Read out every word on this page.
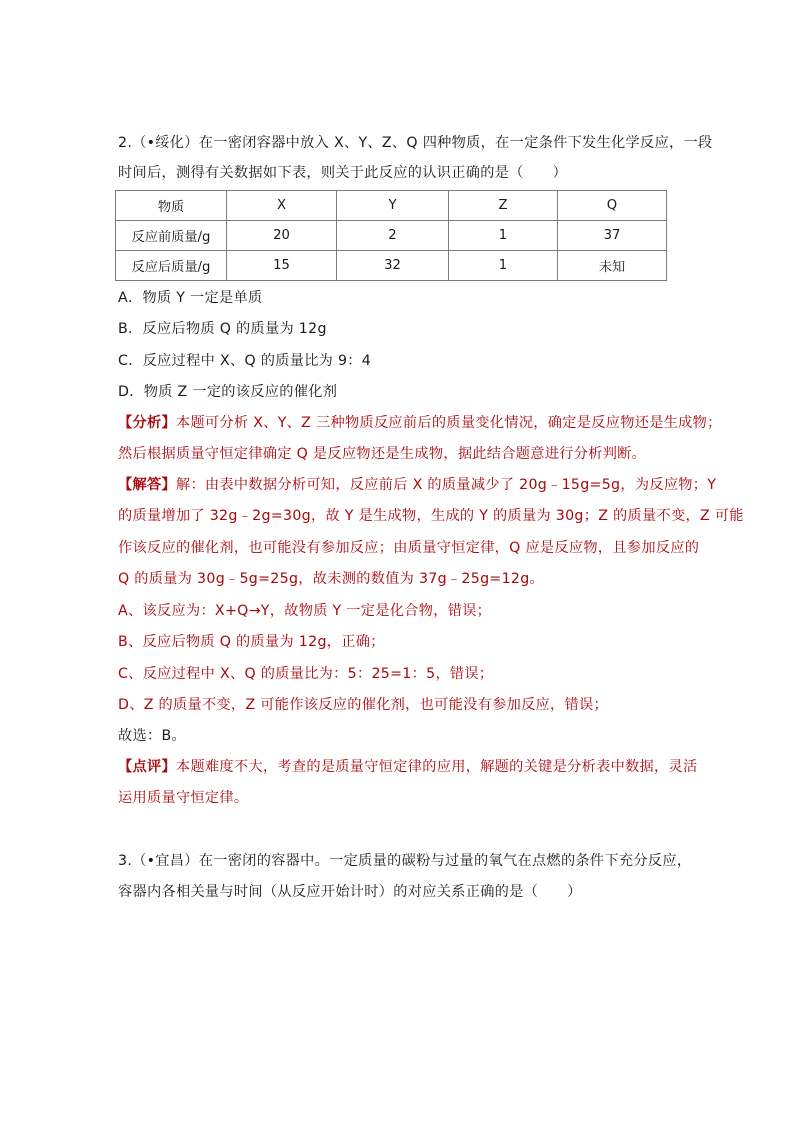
2.（•绥化）在一密闭容器中放入 X、Y、Z、Q 四种物质，在一定条件下发生化学反应，一段
时间后，测得有关数据如下表，则关于此反应的认识正确的是（　　）
物质	X	Y	Z	Q
反应前质量/g	20	2	1	37
反应后质量/g	15	32	1	未知
A．物质 Y 一定是单质
B．反应后物质 Q 的质量为 12g
C．反应过程中 X、Q 的质量比为 9：4
D．物质 Z 一定的该反应的催化剂
【分析】本题可分析 X、Y、Z 三种物质反应前后的质量变化情况，确定是反应物还是生成物；
然后根据质量守恒定律确定 Q 是反应物还是生成物，据此结合题意进行分析判断。
【解答】解：由表中数据分析可知，反应前后 X 的质量减少了 20g﹣15g=5g，为反应物；Y
的质量增加了 32g﹣2g=30g，故 Y 是生成物，生成的 Y 的质量为 30g；Z 的质量不变，Z 可能
作该反应的催化剂，也可能没有参加反应；由质量守恒定律，Q 应是反应物，且参加反应的
Q 的质量为 30g﹣5g=25g，故未测的数值为 37g﹣25g=12g。
A、该反应为：X+Q→Y，故物质 Y 一定是化合物，错误；
B、反应后物质 Q 的质量为 12g，正确；
C、反应过程中 X、Q 的质量比为：5：25=1：5，错误；
D、Z 的质量不变，Z 可能作该反应的催化剂，也可能没有参加反应，错误；
故选：B。
【点评】本题难度不大，考查的是质量守恒定律的应用，解题的关键是分析表中数据，灵活
运用质量守恒定律。
3.（•宜昌）在一密闭的容器中。一定质量的碳粉与过量的氧气在点燃的条件下充分反应，
容器内各相关量与时间（从反应开始计时）的对应关系正确的是（　　）
